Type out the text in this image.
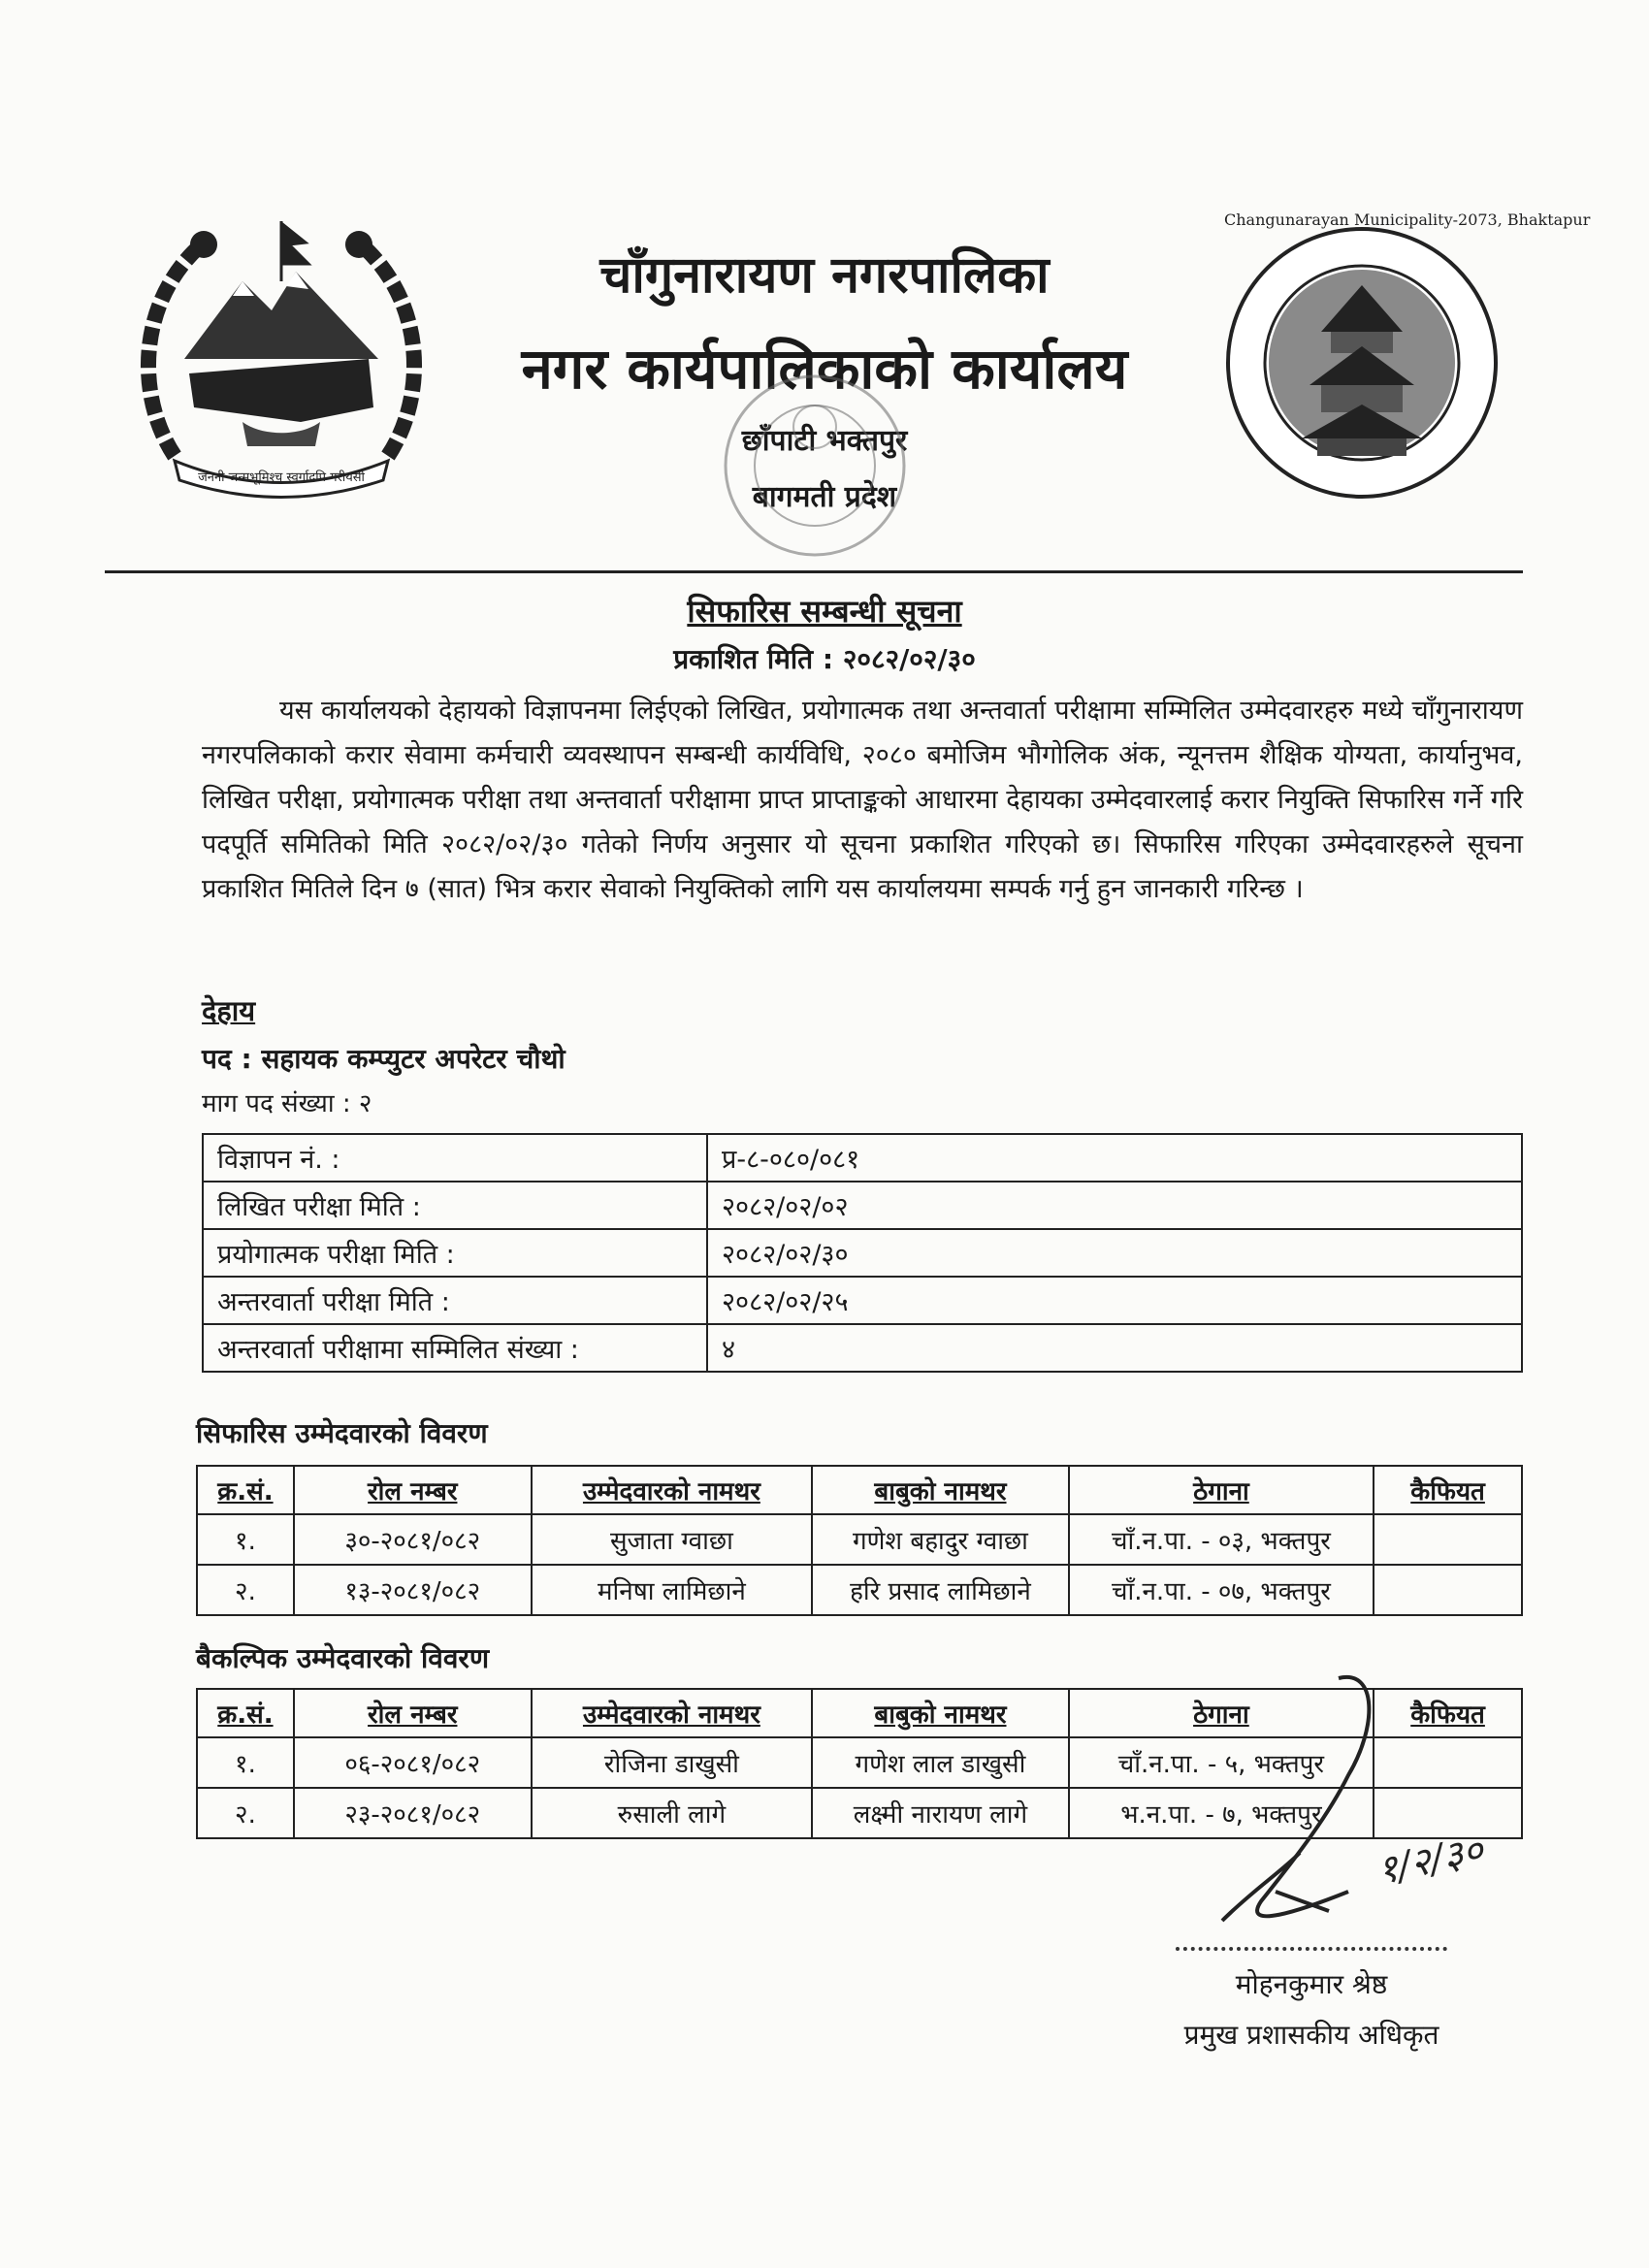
जननी जन्मभूमिश्च स्वर्गादपि गरीयसी
Changunarayan Municipality-2073, Bhaktapur
चाँगुनारायण नगरपालिका
नगर कार्यपालिकाको कार्यालय
छाँपाटी भक्तपुर
बागमती प्रदेश
सिफारिस सम्बन्धी सूचना
प्रकाशित मिति : २०८२/०२/३०
यस कार्यालयको देहायको विज्ञापनमा लिईएको लिखित, प्रयोगात्मक तथा अन्तवार्ता परीक्षामा सम्मिलित उम्मेदवारहरु मध्ये चाँगुनारायण नगरपलिकाको करार सेवामा कर्मचारी व्यवस्थापन सम्बन्धी कार्यविधि, २०८० बमोजिम भौगोलिक अंक, न्यूनत्तम शैक्षिक योग्यता, कार्यानुभव, लिखित परीक्षा, प्रयोगात्मक परीक्षा तथा अन्तवार्ता परीक्षामा प्राप्त प्राप्ताङ्कको आधारमा देहायका उम्मेदवारलाई करार नियुक्ति सिफारिस गर्ने गरि पदपूर्ति समितिको मिति २०८२/०२/३० गतेको निर्णय अनुसार यो सूचना प्रकाशित गरिएको छ। सिफारिस गरिएका उम्मेदवारहरुले सूचना प्रकाशित मितिले दिन ७ (सात) भित्र करार सेवाको नियुक्तिको लागि यस कार्यालयमा सम्पर्क गर्नु हुन जानकारी गरिन्छ ।
देहाय
पद : सहायक कम्प्युटर अपरेटर चौथो
माग पद संख्या : २
विज्ञापन नं. :	प्र-८-०८०/०८१
लिखित परीक्षा मिति :	२०८२/०२/०२
प्रयोगात्मक परीक्षा मिति :	२०८२/०२/३०
अन्तरवार्ता परीक्षा मिति :	२०८२/०२/२५
अन्तरवार्ता परीक्षामा सम्मिलित संख्या :	४
सिफारिस उम्मेदवारको विवरण
क्र.सं.	रोल नम्बर	उम्मेदवारको नामथर	बाबुको नामथर	ठेगाना	कैफियत
१.	३०-२०८१/०८२	सुजाता ग्वाछा	गणेश बहादुर ग्वाछा	चाँ.न.पा. - ०३, भक्तपुर	
२.	१३-२०८१/०८२	मनिषा लामिछाने	हरि प्रसाद लामिछाने	चाँ.न.पा. - ०७, भक्तपुर	
बैकल्पिक उम्मेदवारको विवरण
क्र.सं.	रोल नम्बर	उम्मेदवारको नामथर	बाबुको नामथर	ठेगाना	कैफियत
१.	०६-२०८१/०८२	रोजिना डाखुसी	गणेश लाल डाखुसी	चाँ.न.पा. - ५, भक्तपुर	
२.	२३-२०८१/०८२	रुसाली लागे	लक्ष्मी नारायण लागे	भ.न.पा. - ७, भक्तपुर	
१/२/३०
मोहनकुमार श्रेष्ठ
प्रमुख प्रशासकीय अधिकृत
